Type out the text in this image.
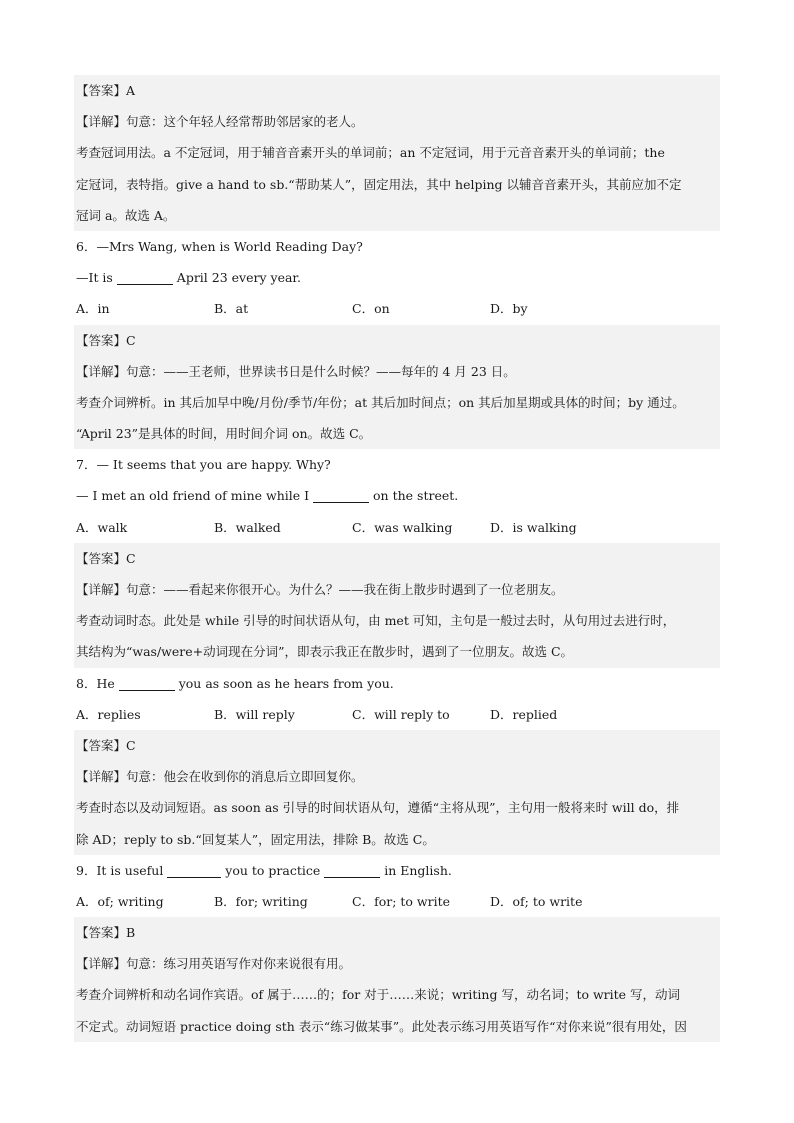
【答案】A
【详解】句意：这个年轻人经常帮助邻居家的老人。
考查冠词用法。a 不定冠词，用于辅音音素开头的单词前；an 不定冠词，用于元音音素开头的单词前；the
定冠词，表特指。give a hand to sb.“帮助某人”，固定用法，其中 helping 以辅音音素开头，其前应加不定
冠词 a。故选 A。
6．—Mrs Wang, when is World Reading Day?
—It is	April 23 every year.
A．in	B．at	C．on	D．by
【答案】C
【详解】句意：——王老师，世界读书日是什么时候？——每年的 4 月 23 日。
考查介词辨析。in 其后加早中晚/月份/季节/年份；at 其后加时间点；on 其后加星期或具体的时间；by 通过。
“April 23”是具体的时间，用时间介词 on。故选 C。
7．— It seems that you are happy. Why?
— I met an old friend of mine while I	on the street.
A．walk	B．walked	C．was walking	D．is walking
【答案】C
【详解】句意：——看起来你很开心。为什么？——我在街上散步时遇到了一位老朋友。
考查动词时态。此处是 while 引导的时间状语从句，由 met 可知，主句是一般过去时，从句用过去进行时，
其结构为“was/were+动词现在分词”，即表示我正在散步时，遇到了一位朋友。故选 C。
8．He	you as soon as he hears from you.
A．replies	B．will reply	C．will reply to	D．replied
【答案】C
【详解】句意：他会在收到你的消息后立即回复你。
考查时态以及动词短语。as soon as 引导的时间状语从句，遵循“主将从现”，主句用一般将来时 will do，排
除 AD；reply to sb.“回复某人”，固定用法，排除 B。故选 C。
9．It is useful	you to practice	in English.
A．of; writing	B．for; writing	C．for; to write	D．of; to write
【答案】B
【详解】句意：练习用英语写作对你来说很有用。
考查介词辨析和动名词作宾语。of 属于……的；for 对于……来说；writing 写，动名词；to write 写，动词
不定式。动词短语 practice doing sth 表示“练习做某事”。此处表示练习用英语写作“对你来说”很有用处，因
